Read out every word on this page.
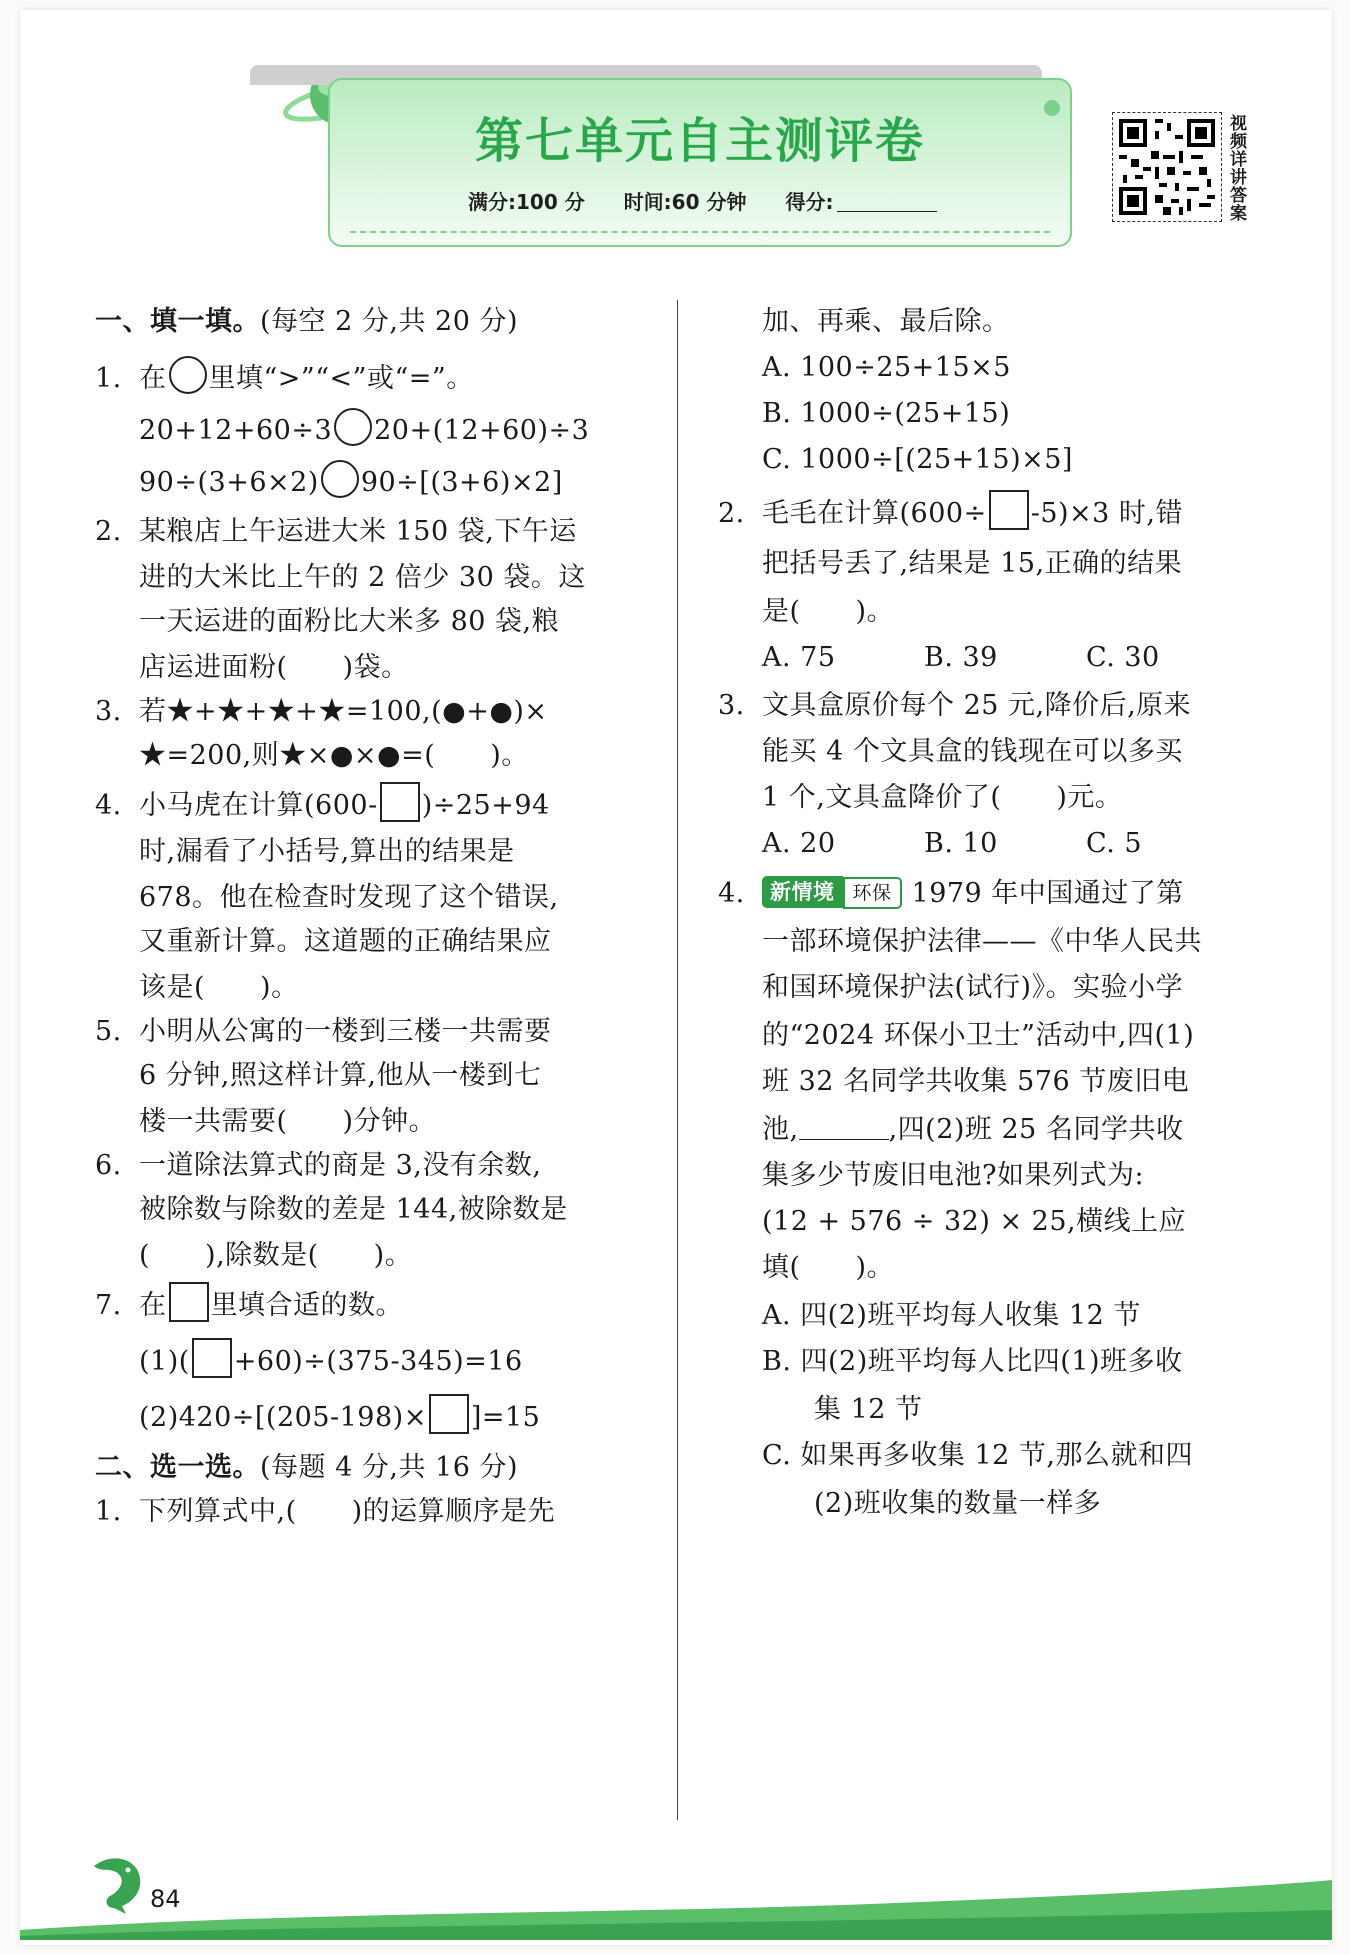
第七单元自主测评卷
满分:100 分 时间:60 分钟 得分:
视频详讲答案
一、填一填。(每空 2 分,共 20 分)
1. 在 里填“>”“<”或“=”。
20+12+60÷3 20+(12+60)÷3
90÷(3+6×2) 90÷[(3+6)×2]
2. 某粮店上午运进大米 150 袋,下午运
进的大米比上午的 2 倍少 30 袋。这
一天运进的面粉比大米多 80 袋,粮
店运进面粉(　　)袋。
3. 若★+★+★+★=100,(●+●)×
★=200,则★×●×●=(　　)。
4. 小马虎在计算(600- )÷25+94
时,漏看了小括号,算出的结果是
678。他在检查时发现了这个错误,
又重新计算。这道题的正确结果应
该是(　　)。
5. 小明从公寓的一楼到三楼一共需要
6 分钟,照这样计算,他从一楼到七
楼一共需要(　　)分钟。
6. 一道除法算式的商是 3,没有余数,
被除数与除数的差是 144,被除数是
(　　),除数是(　　)。
7. 在 里填合适的数。
(1)( +60)÷(375-345)=16
(2)420÷[(205-198)× ]=15
二、选一选。(每题 4 分,共 16 分)
1. 下列算式中,(　　)的运算顺序是先
加、再乘、最后除。
A. 100÷25+15×5
B. 1000÷(25+15)
C. 1000÷[(25+15)×5]
2. 毛毛在计算(600÷ -5)×3 时,错
把括号丢了,结果是 15,正确的结果
是(　　)。
A. 75	B. 39	C. 30
3. 文具盒原价每个 25 元,降价后,原来
能买 4 个文具盒的钱现在可以多买
1 个,文具盒降价了(　　)元。
A. 20	B. 10	C. 5
4. 新情境 环保 1979 年中国通过了第
一部环境保护法律——《中华人民共
和国环境保护法(试行)》。实验小学
的“2024 环保小卫士”活动中,四(1)
班 32 名同学共收集 576 节废旧电
池,	,四(2)班 25 名同学共收
集多少节废旧电池?如果列式为:
(12 + 576 ÷ 32) × 25,横线上应
填(　　)。
A. 四(2)班平均每人收集 12 节
B. 四(2)班平均每人比四(1)班多收
集 12 节
C. 如果再多收集 12 节,那么就和四
(2)班收集的数量一样多
84
